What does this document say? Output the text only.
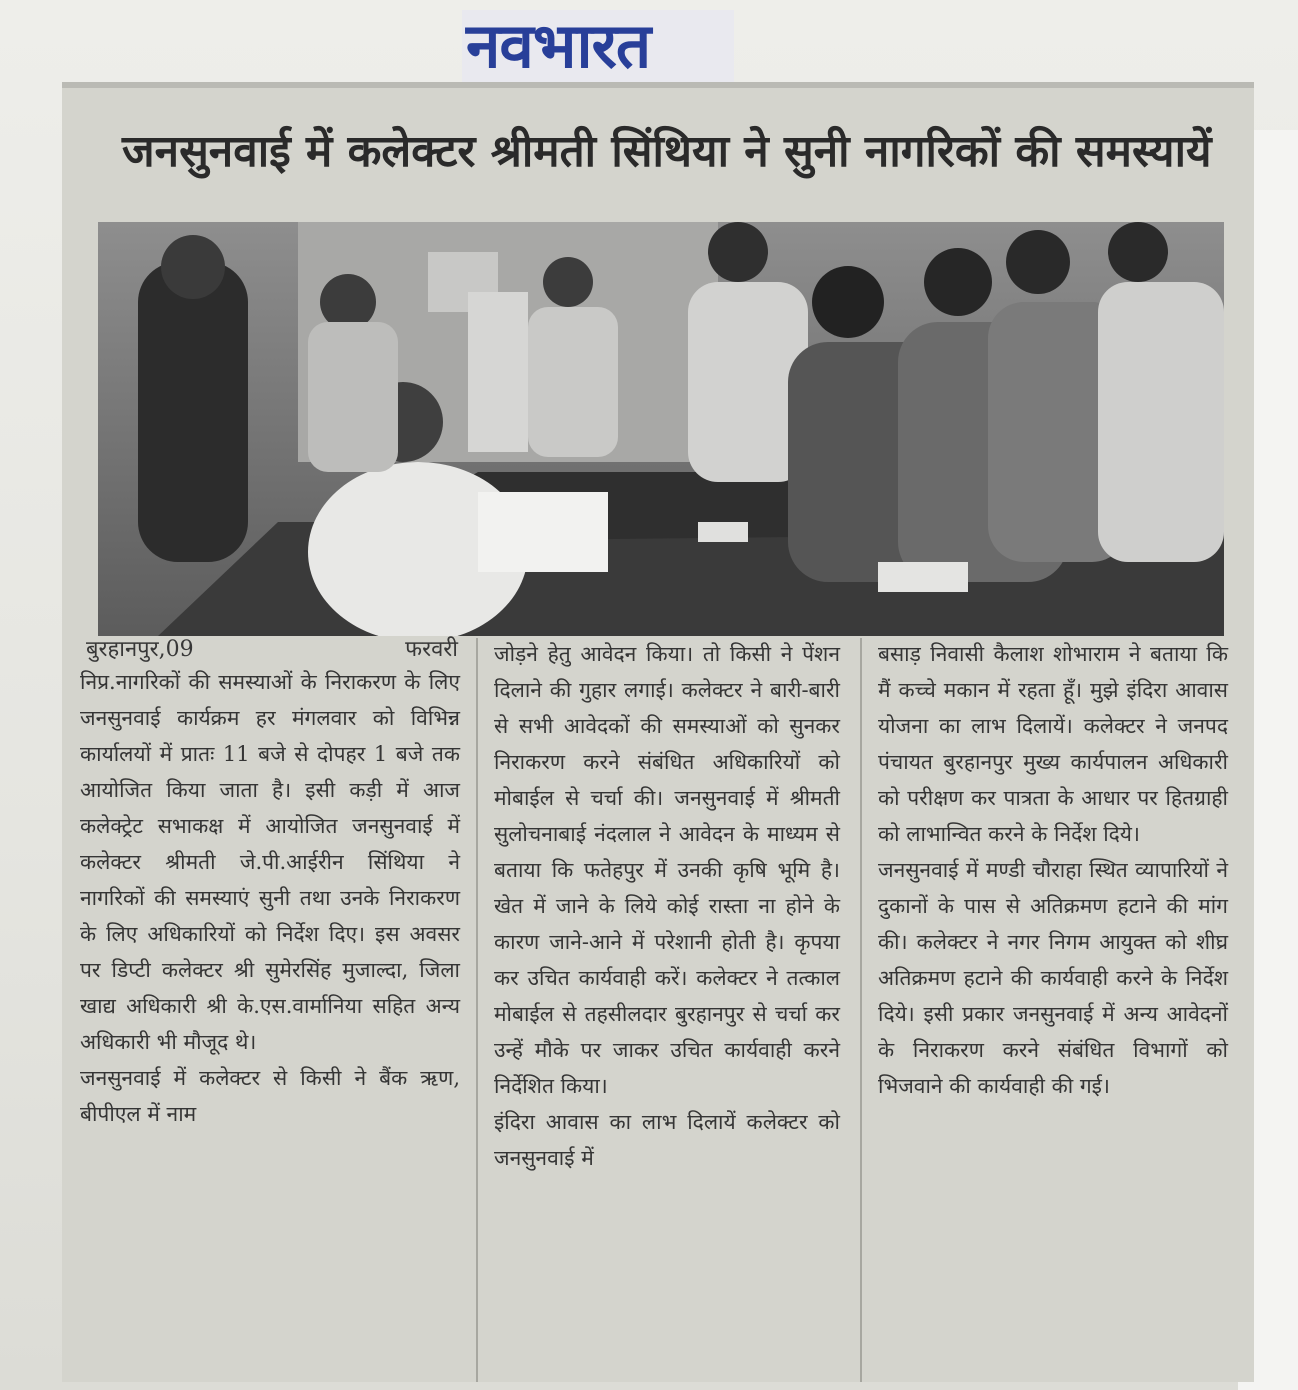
नवभारत
जनसुनवाई में कलेक्टर श्रीमती सिंथिया ने सुनी नागरिकों की समस्यायें
बुरहानपुर,09	फरवरी
निप्र.नागरिकों की समस्याओं के निराकरण के लिए जनसुनवाई कार्यक्रम हर मंगलवार को विभिन्न कार्यालयों में प्रातः 11 बजे से दोपहर 1 बजे तक आयोजित किया जाता है। इसी कड़ी में आज कलेक्ट्रेट सभाकक्ष में आयोजित जनसुनवाई में कलेक्टर श्रीमती जे.पी.आईरीन सिंथिया ने नागरिकों की समस्याएं सुनी तथा उनके निराकरण के लिए अधिकारियों को निर्देश दिए। इस अवसर पर डिप्टी कलेक्टर श्री सुमेरसिंह मुजाल्दा, जिला खाद्य अधिकारी श्री के.एस.वार्मानिया सहित अन्य अधिकारी भी मौजूद थे।
जनसुनवाई में कलेक्टर से किसी ने बैंक ऋण, बीपीएल में नाम
जोड़ने हेतु आवेदन किया। तो किसी ने पेंशन दिलाने की गुहार लगाई। कलेक्टर ने बारी-बारी से सभी आवेदकों की समस्याओं को सुनकर निराकरण करने संबंधित अधिकारियों को मोबाईल से चर्चा की। जनसुनवाई में श्रीमती सुलोचनाबाई नंदलाल ने आवेदन के माध्यम से बताया कि फतेहपुर में उनकी कृषि भूमि है। खेत में जाने के लिये कोई रास्ता ना होने के कारण जाने-आने में परेशानी होती है। कृपया कर उचित कार्यवाही करें। कलेक्टर ने तत्काल मोबाईल से तहसीलदार बुरहानपुर से चर्चा कर उन्हें मौके पर जाकर उचित कार्यवाही करने निर्देशित किया।
इंदिरा आवास का लाभ दिलायें कलेक्टर को जनसुनवाई में
बसाड़ निवासी कैलाश शोभाराम ने बताया कि मैं कच्चे मकान में रहता हूँ। मुझे इंदिरा आवास योजना का लाभ दिलायें। कलेक्टर ने जनपद पंचायत बुरहानपुर मुख्य कार्यपालन अधिकारी को परीक्षण कर पात्रता के आधार पर हितग्राही को लाभान्वित करने के निर्देश दिये।
जनसुनवाई में मण्डी चौराहा स्थित व्यापारियों ने दुकानों के पास से अतिक्रमण हटाने की मांग की। कलेक्टर ने नगर निगम आयुक्त को शीघ्र अतिक्रमण हटाने की कार्यवाही करने के निर्देश दिये। इसी प्रकार जनसुनवाई में अन्य आवेदनों के निराकरण करने संबंधित विभागों को भिजवाने की कार्यवाही की गई।
